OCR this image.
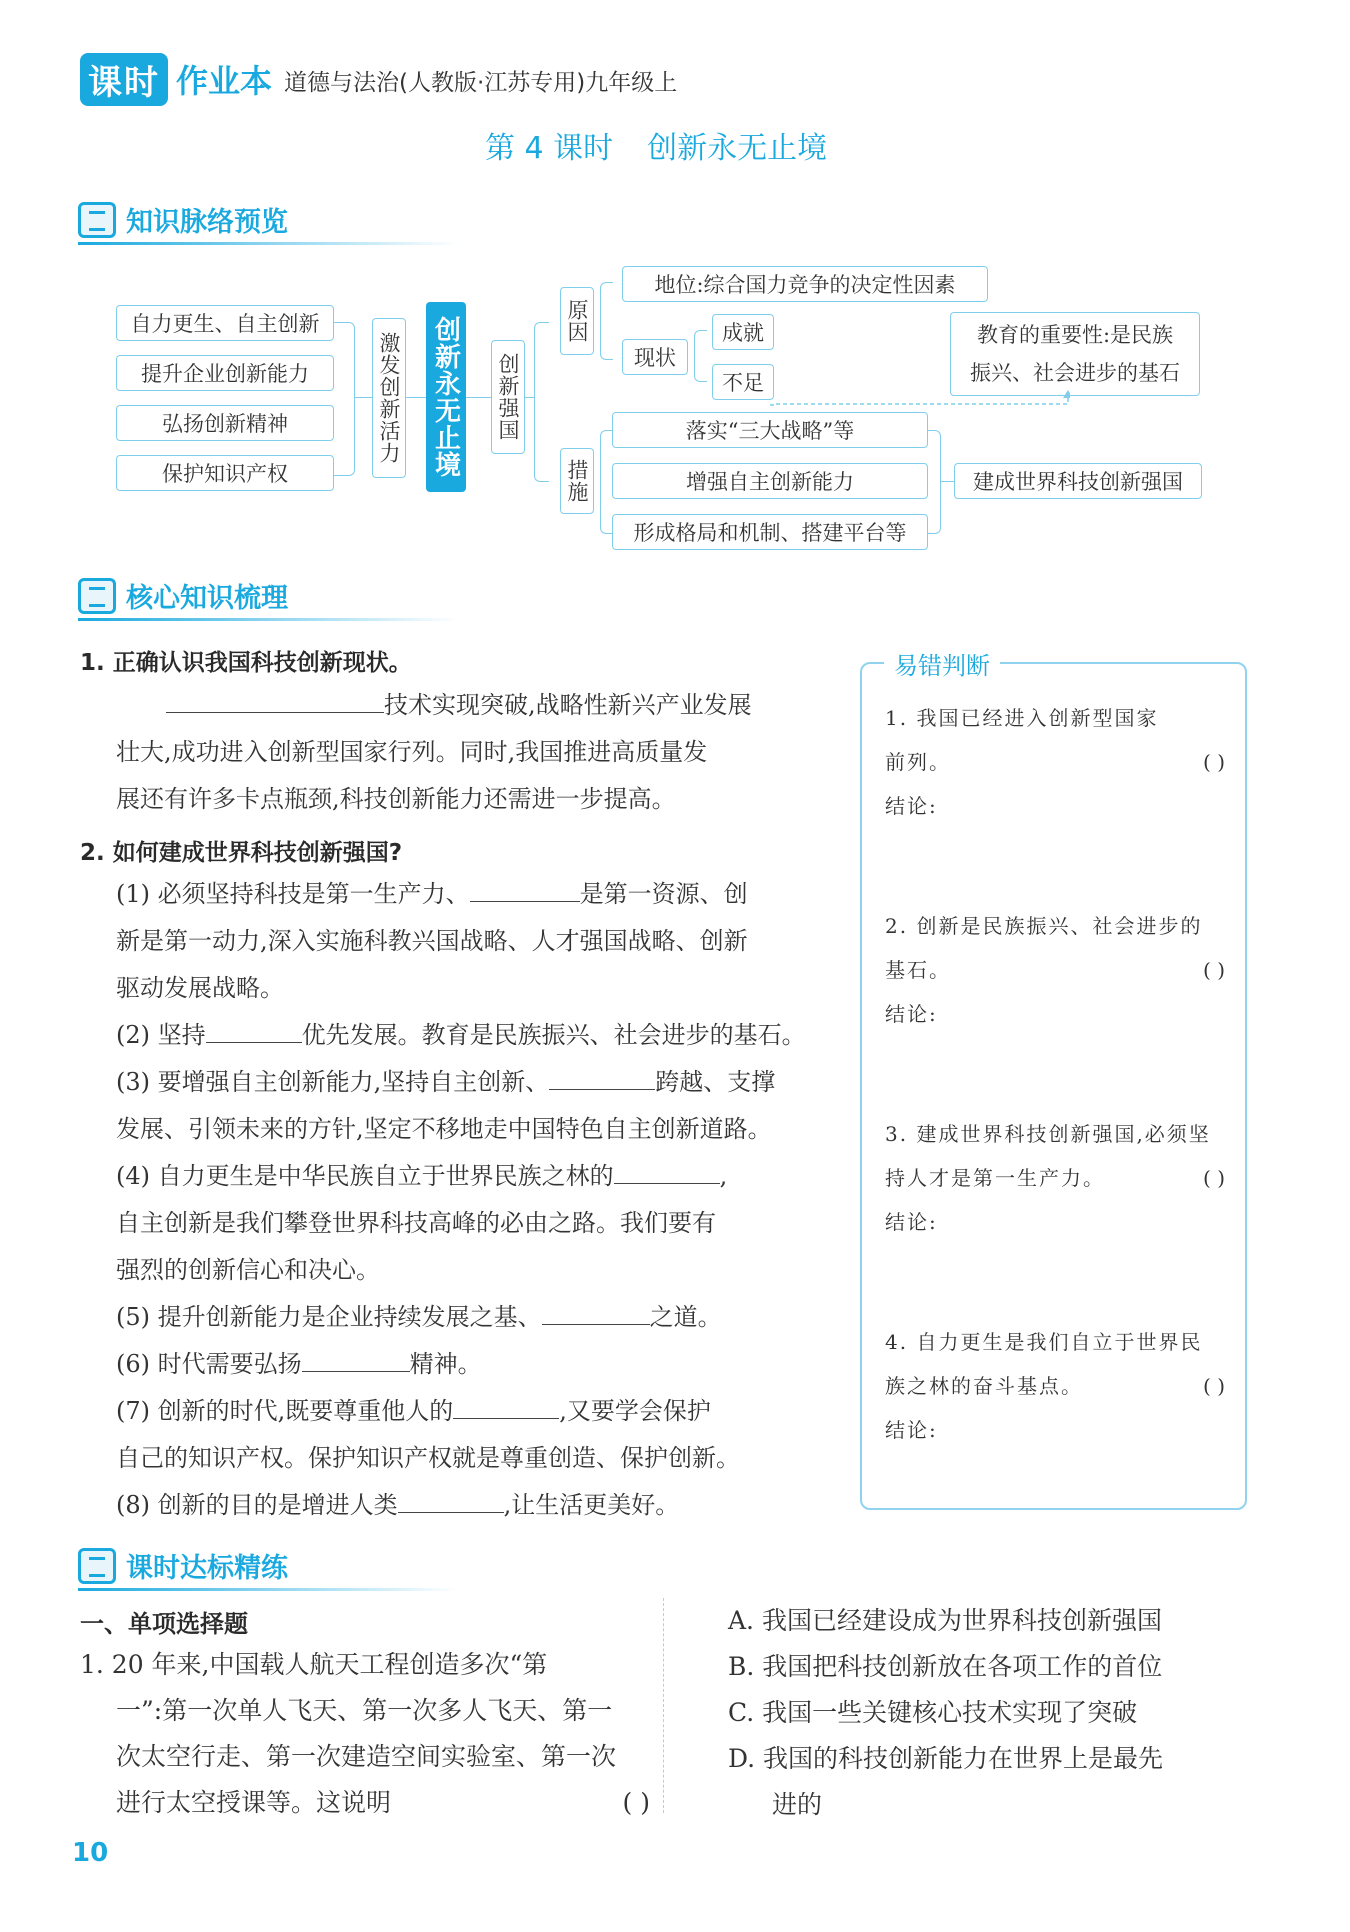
课时 作业本 道德与法治(人教版·江苏专用)九年级上
第 4 课时 创新永无止境
知识脉络预览
自力更生、自主创新
提升企业创新能力
弘扬创新精神
保护知识产权
激发创新活力 创新永无止境 创新强国
原因
地位:综合国力竞争的决定性因素
现状
成就
不足
教育的重要性:是民族
振兴、社会进步的基石
措施
落实“三大战略”等
增强自主创新能力
形成格局和机制、搭建平台等
建成世界科技创新强国
核心知识梳理
1. 正确认识我国科技创新现状。
技术实现突破,战略性新兴产业发展
壮大,成功进入创新型国家行列。同时,我国推进高质量发
展还有许多卡点瓶颈,科技创新能力还需进一步提高。
2. 如何建成世界科技创新强国?
(1) 必须坚持科技是第一生产力、	是第一资源、创
新是第一动力,深入实施科教兴国战略、人才强国战略、创新
驱动发展战略。
(2) 坚持	优先发展。教育是民族振兴、社会进步的基石。
(3) 要增强自主创新能力,坚持自主创新、	跨越、支撑
发展、引领未来的方针,坚定不移地走中国特色自主创新道路。
(4) 自力更生是中华民族自立于世界民族之林的	,
自主创新是我们攀登世界科技高峰的必由之路。我们要有
强烈的创新信心和决心。
(5) 提升创新能力是企业持续发展之基、	之道。
(6) 时代需要弘扬	精神。
(7) 创新的时代,既要尊重他人的	,又要学会保护
自己的知识产权。保护知识产权就是尊重创造、保护创新。
(8) 创新的目的是增进人类	,让生活更美好。
易错判断
1. 我国已经进入创新型国家
前列。	( )
结论:
2. 创新是民族振兴、社会进步的
基石。	( )
结论:
3. 建成世界科技创新强国,必须坚
持人才是第一生产力。	( )
结论:
4. 自力更生是我们自立于世界民
族之林的奋斗基点。	( )
结论:
课时达标精练
一、单项选择题
1. 20 年来,中国载人航天工程创造多次“第
一”:第一次单人飞天、第一次多人飞天、第一
次太空行走、第一次建造空间实验室、第一次
进行太空授课等。这说明	( )
A. 我国已经建设成为世界科技创新强国
B. 我国把科技创新放在各项工作的首位
C. 我国一些关键核心技术实现了突破
D. 我国的科技创新能力在世界上是最先
进的
10
